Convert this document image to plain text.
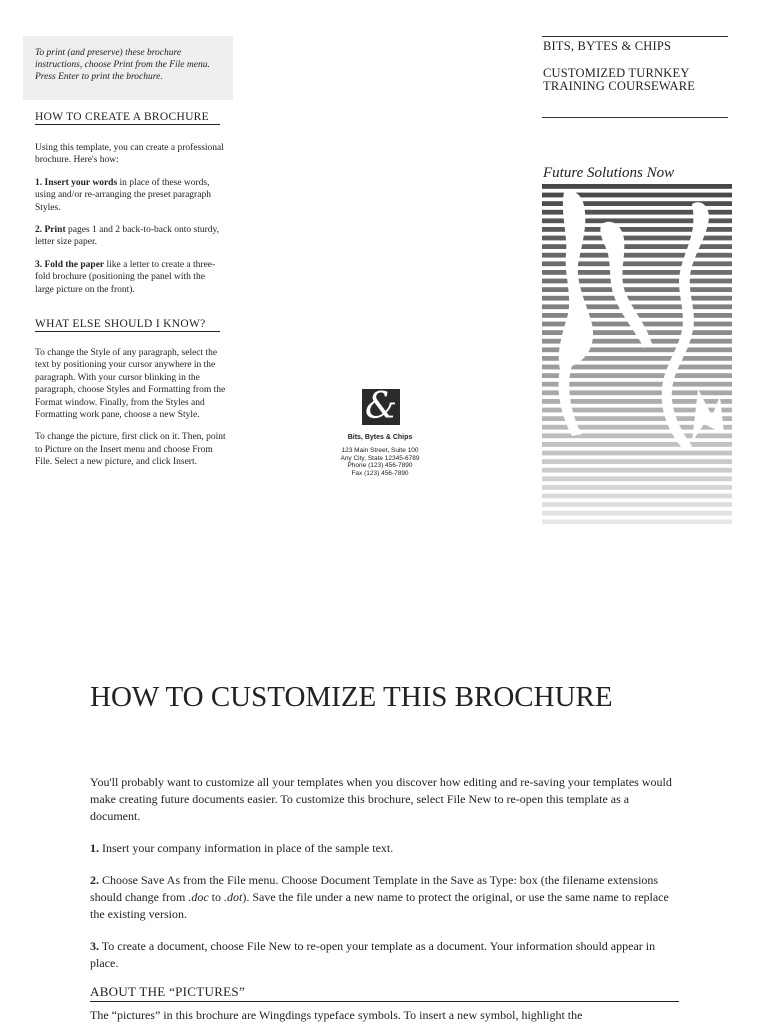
To print (and preserve) these brochure instructions, choose Print from the File menu. Press Enter to print the brochure.

HOW TO CREATE A BROCHURE

Using this template, you can create a professional brochure. Here's how:

1. Insert your words in place of these words, using and/or re-arranging the preset paragraph Styles.

2. Print pages 1 and 2 back-to-back onto sturdy, letter size paper.

3. Fold the paper like a letter to create a three-fold brochure (positioning the panel with the large picture on the front).

WHAT ELSE SHOULD I KNOW?

To change the Style of any paragraph, select the text by positioning your cursor anywhere in the paragraph. With your cursor blinking in the paragraph, choose Styles and Formatting from the Format window. Finally, from the Styles and Formatting work pane, choose a new Style.

To change the picture, first click on it. Then, point to Picture on the Insert menu and choose From File. Select a new picture, and click Insert.

&
Bits, Bytes & Chips
123 Main Street, Suite 100
Any City, State 12345-6789
Phone (123) 456-7890
Fax (123) 456-7890
BITS, BYTES & CHIPS
CUSTOMIZED TURNKEY TRAINING COURSEWARE
Future Solutions Now
HOW TO CUSTOMIZE THIS BROCHURE

You'll probably want to customize all your templates when you discover how editing and re-saving your templates would make creating future documents easier. To customize this brochure, select File New to re-open this template as a document.

1. Insert your company information in place of the sample text.

2. Choose Save As from the File menu. Choose Document Template in the Save as Type: box (the filename extensions should change from .doc to .dot). Save the file under a new name to protect the original, or use the same name to replace the existing version.

3. To create a document, choose File New to re-open your template as a document. Your information should appear in place.

ABOUT THE “PICTURES”

The “pictures” in this brochure are Wingdings typeface symbols. To insert a new symbol, highlight the
